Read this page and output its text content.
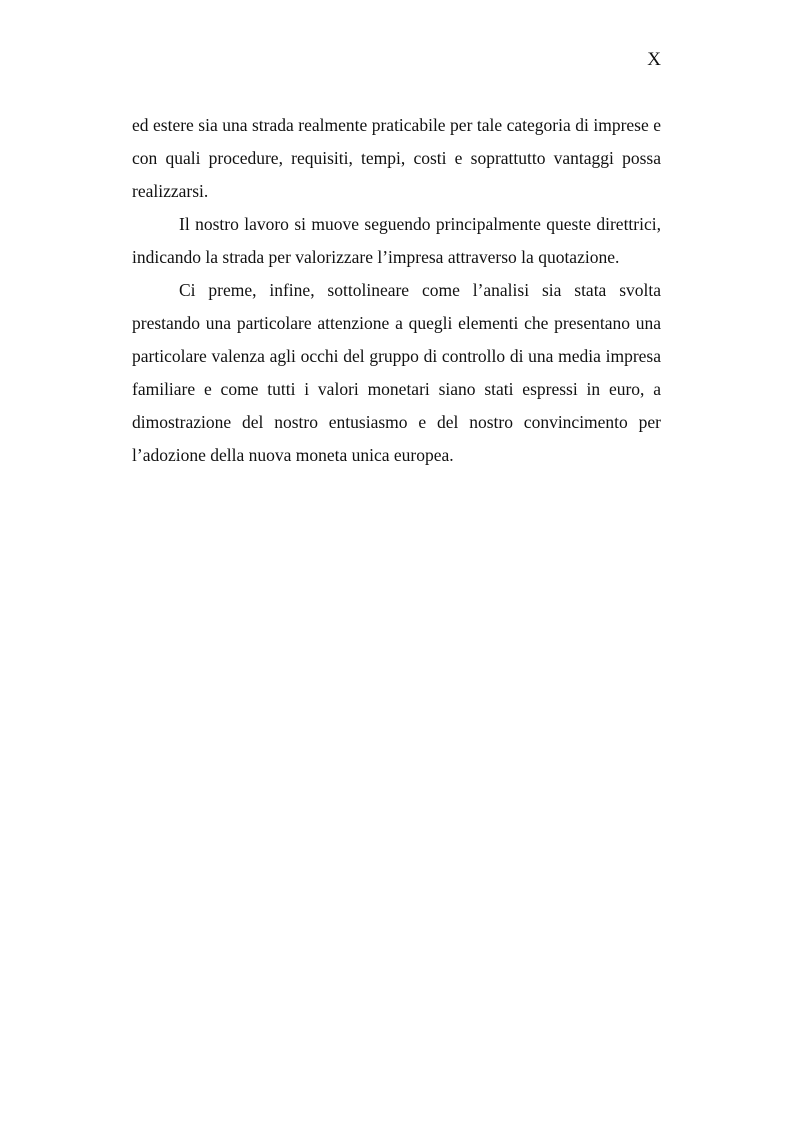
X

ed estere sia una strada realmente praticabile per tale categoria di imprese e con quali procedure, requisiti, tempi, costi e soprattutto vantaggi possa realizzarsi.

Il nostro lavoro si muove seguendo principalmente queste direttrici, indicando la strada per valorizzare l’impresa attraverso la quotazione.

Ci preme, infine, sottolineare come l’analisi sia stata svolta prestando una particolare attenzione a quegli elementi che presentano una particolare valenza agli occhi del gruppo di controllo di una media impresa familiare e come tutti i valori monetari siano stati espressi in euro, a dimostrazione del nostro entusiasmo e del nostro convincimento per l’adozione della nuova moneta unica europea.
